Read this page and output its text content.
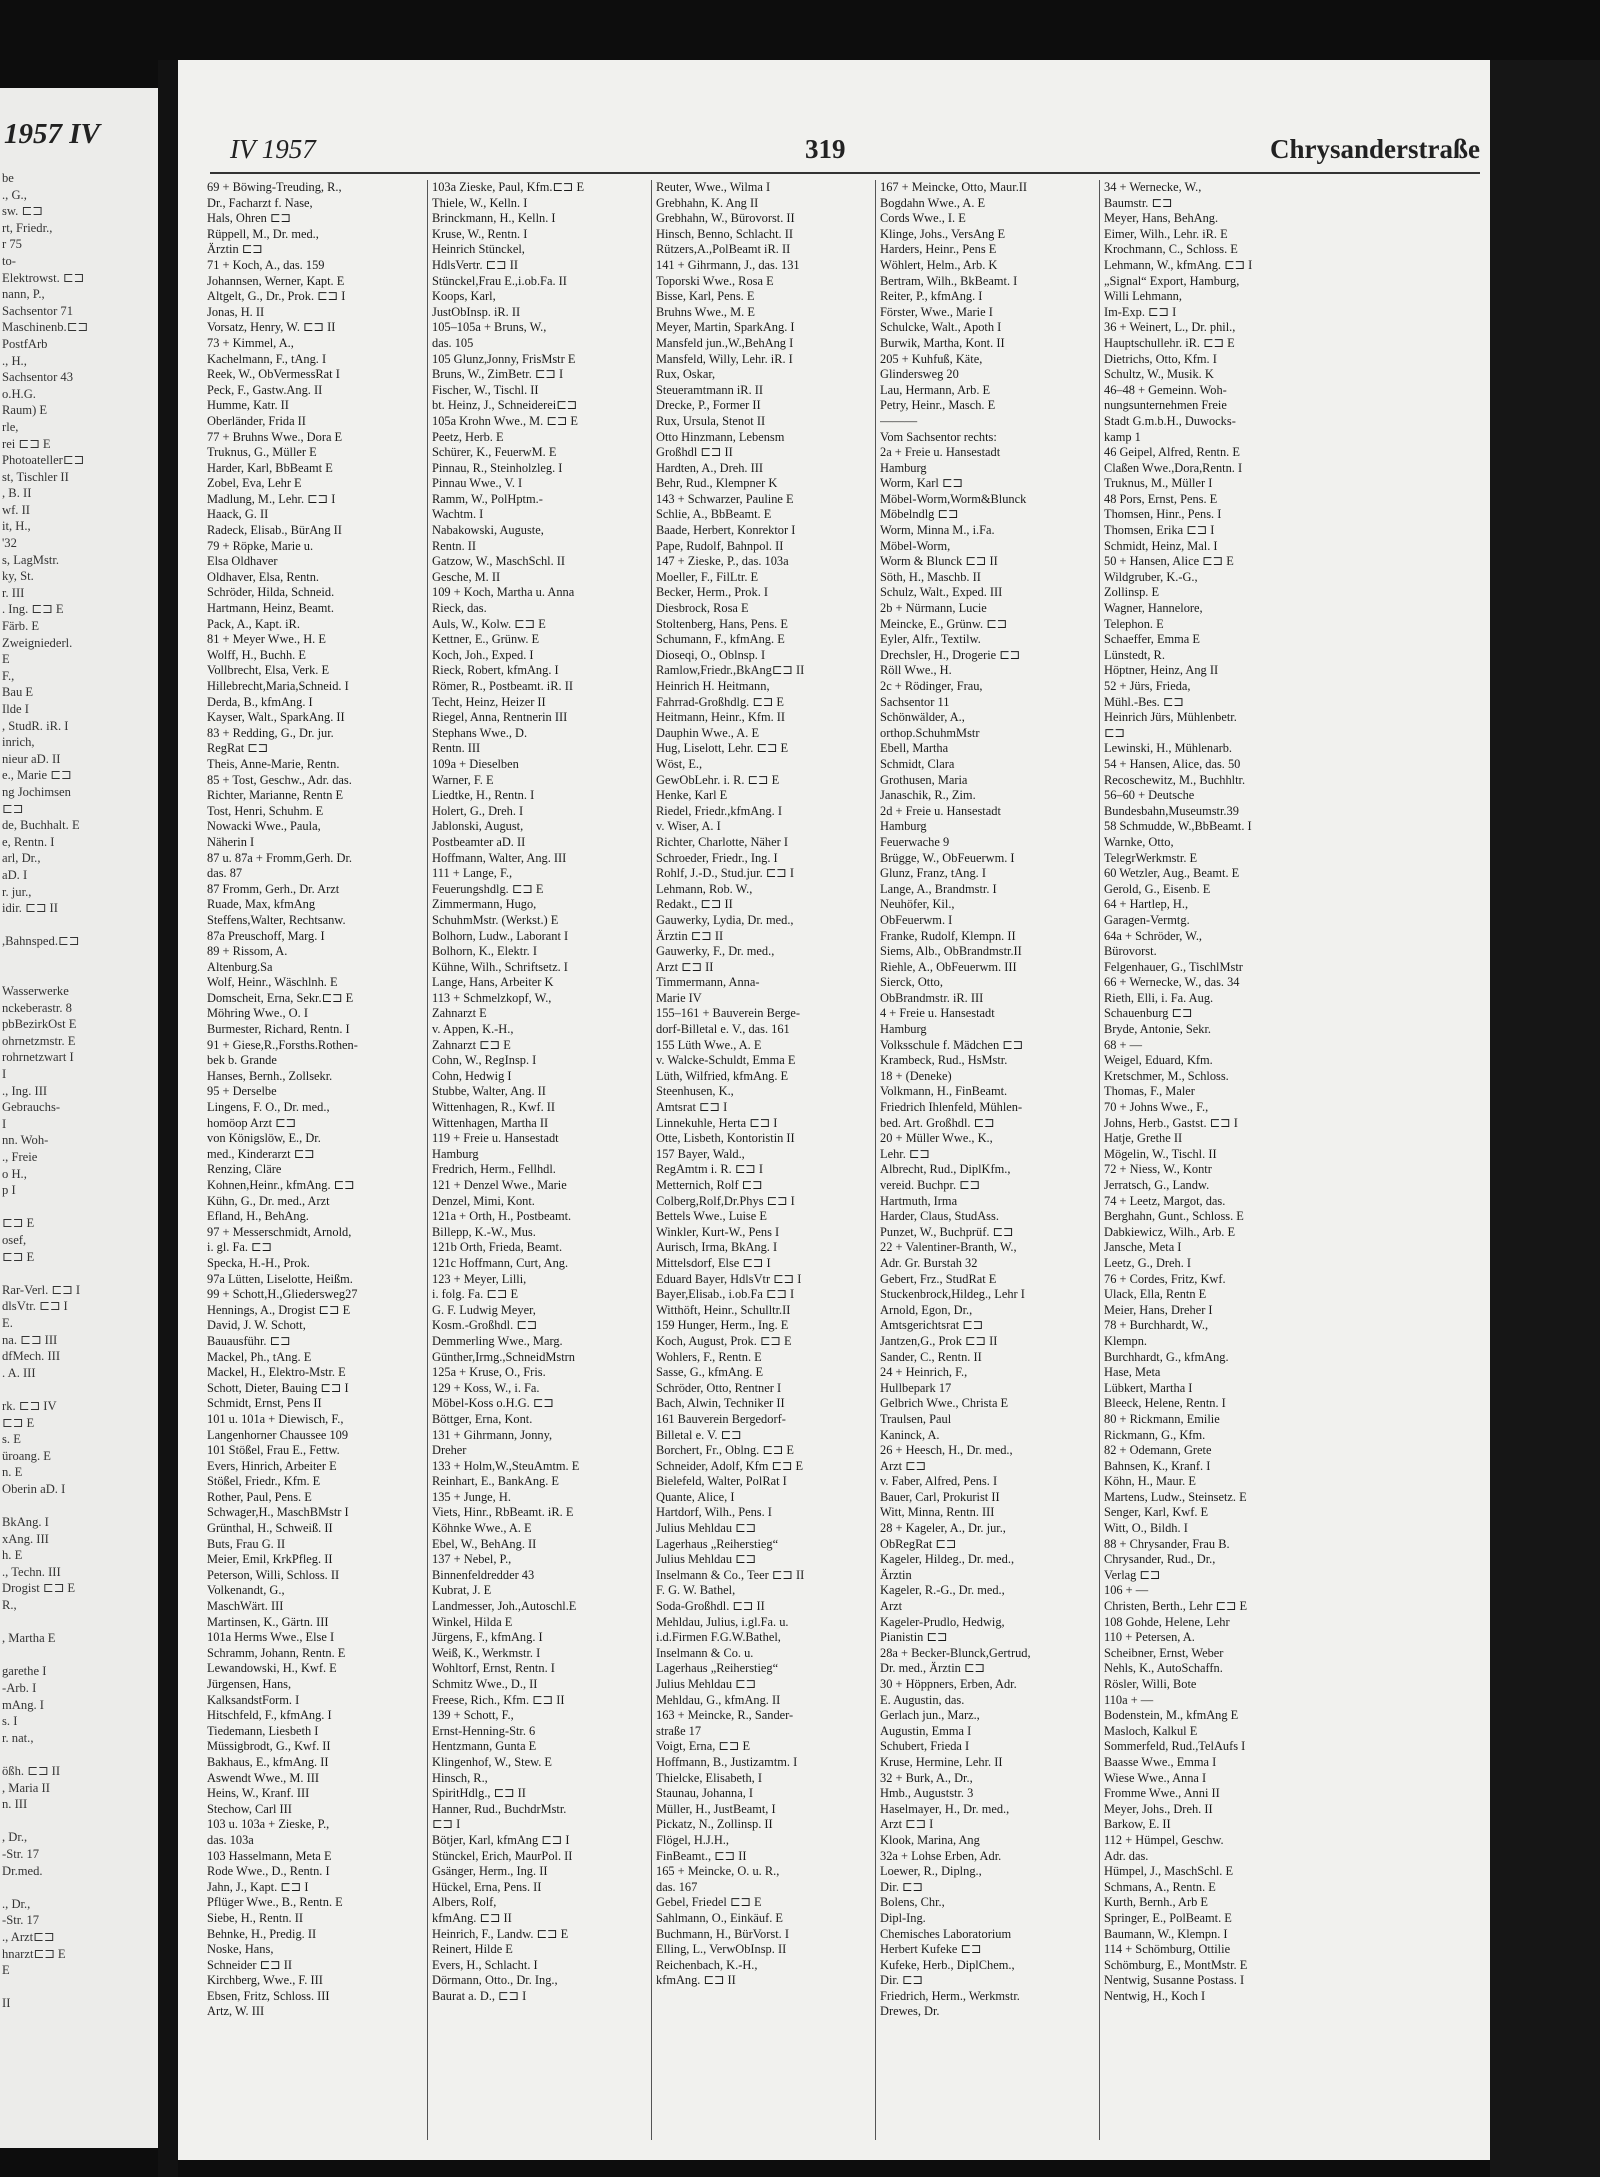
1957 IV
be
., G.,
sw. ⊏⊐
rt, Friedr.,
r 75
to-
Elektrowst. ⊏⊐
nann, P.,
Sachsentor 71
Maschinenb.⊏⊐
PostfArb
., H.,
Sachsentor 43
o.H.G.
Raum) E
rle,
rei ⊏⊐ E
Photoateller⊏⊐
st, Tischler II
, B. II
wf. II
it, H.,
'32
s, LagMstr.
ky, St.
r. III
. Ing. ⊏⊐ E
Färb. E
Zweigniederl.
E
F.,
Bau E
Ilde I
, StudR. iR. I
inrich,
nieur aD. II
e., Marie ⊏⊐
ng Jochimsen
⊏⊐
de, Buchhalt. E
e, Rentn. I
arl, Dr.,
aD. I
r. jur.,
idir. ⊏⊐ II

,Bahnsped.⊏⊐

Wasserwerke
nckeberastr. 8
pbBezirkOst E
ohrnetzmstr. E
rohrnetzwart I
I
., Ing. III
Gebrauchs-
I
nn. Woh-
., Freie
o H.,
p I

⊏⊐ E
osef,
⊏⊐ E

Rar-Verl. ⊏⊐ I
dlsVtr. ⊏⊐ I
E.
na. ⊏⊐ III
dfMech. III
. A. III

rk. ⊏⊐ IV
⊏⊐ E
s. E
üroang. E
n. E
Oberin aD. I

BkAng. I
xAng. III
h. E
., Techn. III
Drogist ⊏⊐ E
R.,

, Martha E

garethe I
-Arb. I
mAng. I
s. I
r. nat.,

ößh. ⊏⊐ II
, Maria II
n. III

, Dr.,
-Str. 17
Dr.med.

., Dr.,
-Str. 17
., Arzt⊏⊐
hnarzt⊏⊐ E
E

II
IV 1957	319	Chrysanderstraße
69 + Böwing-Treuding, R.,
Dr., Facharzt f. Nase,
Hals, Ohren ⊏⊐
Rüppell, M., Dr. med.,
Ärztin ⊏⊐
71 + Koch, A., das. 159
Johannsen, Werner, Kapt. E
Altgelt, G., Dr., Prok. ⊏⊐ I
Jonas, H. II
Vorsatz, Henry, W. ⊏⊐ II
73 + Kimmel, A.,
Kachelmann, F., tAng. I
Reek, W., ObVermessRat I
Peck, F., Gastw.Ang. II
Humme, Katr. II
Oberländer, Frida II
77 + Bruhns Wwe., Dora E
Truknus, G., Müller E
Harder, Karl, BbBeamt E
Zobel, Eva, Lehr E
Madlung, M., Lehr. ⊏⊐ I
Haack, G. II
Radeck, Elisab., BürAng II
79 + Röpke, Marie u.
Elsa Oldhaver
Oldhaver, Elsa, Rentn.
Schröder, Hilda, Schneid.
Hartmann, Heinz, Beamt.
Pack, A., Kapt. iR.
81 + Meyer Wwe., H. E
Wolff, H., Buchh. E
Vollbrecht, Elsa, Verk. E
Hillebrecht,Maria,Schneid. I
Derda, B., kfmAng. I
Kayser, Walt., SparkAng. II
83 + Redding, G., Dr. jur.
RegRat ⊏⊐
Theis, Anne-Marie, Rentn.
85 + Tost, Geschw., Adr. das.
Richter, Marianne, Rentn E
Tost, Henri, Schuhm. E
Nowacki Wwe., Paula,
Näherin I
87 u. 87a + Fromm,Gerh. Dr.
das. 87
87 Fromm, Gerh., Dr. Arzt
Ruade, Max, kfmAng
Steffens,Walter, Rechtsanw.
87a Preuschoff, Marg. I
89 + Rissom, A.
Altenburg.Sa
Wolf, Heinr., Wäschlnh. E
Domscheit, Erna, Sekr.⊏⊐ E
Möhring Wwe., O. I
Burmester, Richard, Rentn. I
91 + Giese,R.,Forsths.Rothen-
bek b. Grande
Hanses, Bernh., Zollsekr.
95 + Derselbe
Lingens, F. O., Dr. med.,
homöop Arzt ⊏⊐
von Königslöw, E., Dr.
med., Kinderarzt ⊏⊐
Renzing, Cläre
Kohnen,Heinr., kfmAng. ⊏⊐
Kühn, G., Dr. med., Arzt
Efland, H., BehAng.
97 + Messerschmidt, Arnold,
i. gl. Fa. ⊏⊐
Specka, H.-H., Prok.
97a Lütten, Liselotte, Heißm.
99 + Schott,H.,Gliedersweg27
Hennings, A., Drogist ⊏⊐ E
David, J. W. Schott,
Bauausführ. ⊏⊐
Mackel, Ph., tAng. E
Mackel, H., Elektro-Mstr. E
Schott, Dieter, Bauing ⊏⊐ I
Schmidt, Ernst, Pens II
101 u. 101a + Diewisch, F.,
Langenhorner Chaussee 109
101 Stößel, Frau E., Fettw.
Evers, Hinrich, Arbeiter E
Stößel, Friedr., Kfm. E
Rother, Paul, Pens. E
Schwager,H., MaschBMstr I
Grünthal, H., Schweiß. II
Buts, Frau G. II
Meier, Emil, KrkPfleg. II
Peterson, Willi, Schloss. II
Volkenandt, G.,
MaschWärt. III
Martinsen, K., Gärtn. III
101a Herms Wwe., Else I
Schramm, Johann, Rentn. E
Lewandowski, H., Kwf. E
Jürgensen, Hans,
KalksandstForm. I
Hitschfeld, F., kfmAng. I
Tiedemann, Liesbeth I
Müssigbrodt, G., Kwf. II
Bakhaus, E., kfmAng. II
Aswendt Wwe., M. III
Heins, W., Kranf. III
Stechow, Carl III
103 u. 103a + Zieske, P.,
das. 103a
103 Hasselmann, Meta E
Rode Wwe., D., Rentn. I
Jahn, J., Kapt. ⊏⊐ I
Pflüger Wwe., B., Rentn. E
Siebe, H., Rentn. II
Behnke, H., Predig. II
Noske, Hans,
Schneider ⊏⊐ II
Kirchberg, Wwe., F. III
Ebsen, Fritz, Schloss. III
Artz, W. III
103a Zieske, Paul, Kfm.⊏⊐ E
Thiele, W., Kelln. I
Brinckmann, H., Kelln. I
Kruse, W., Rentn. I
Heinrich Stünckel,
HdlsVertr. ⊏⊐ II
Stünckel,Frau E.,i.ob.Fa. II
Koops, Karl,
JustObInsp. iR. II
105–105a + Bruns, W.,
das. 105
105 Glunz,Jonny, FrisMstr E
Bruns, W., ZimBetr. ⊏⊐ I
Fischer, W., Tischl. II
bt. Heinz, J., Schneiderei⊏⊐
105a Krohn Wwe., M. ⊏⊐ E
Peetz, Herb. E
Schürer, K., FeuerwM. E
Pinnau, R., Steinholzleg. I
Pinnau Wwe., V. I
Ramm, W., PolHptm.-
Wachtm. I
Nabakowski, Auguste,
Rentn. II
Gatzow, W., MaschSchl. II
Gesche, M. II
109 + Koch, Martha u. Anna
Rieck, das.
Auls, W., Kolw. ⊏⊐ E
Kettner, E., Grünw. E
Koch, Joh., Exped. I
Rieck, Robert, kfmAng. I
Römer, R., Postbeamt. iR. II
Techt, Heinz, Heizer II
Riegel, Anna, Rentnerin III
Stephans Wwe., D.
Rentn. III
109a + Dieselben
Warner, F. E
Liedtke, H., Rentn. I
Holert, G., Dreh. I
Jablonski, August,
Postbeamter aD. II
Hoffmann, Walter, Ang. III
111 + Lange, F.,
Feuerungshdlg. ⊏⊐ E
Zimmermann, Hugo,
SchuhmMstr. (Werkst.) E
Bolhorn, Ludw., Laborant I
Bolhorn, K., Elektr. I
Kühne, Wilh., Schriftsetz. I
Lange, Hans, Arbeiter K
113 + Schmelzkopf, W.,
Zahnarzt E
v. Appen, K.-H.,
Zahnarzt ⊏⊐ E
Cohn, W., RegInsp. I
Cohn, Hedwig I
Stubbe, Walter, Ang. II
Wittenhagen, R., Kwf. II
Wittenhagen, Martha II
119 + Freie u. Hansestadt
Hamburg
Fredrich, Herm., Fellhdl.
121 + Denzel Wwe., Marie
Denzel, Mimi, Kont.
121a + Orth, H., Postbeamt.
Billepp, K.-W., Mus.
121b Orth, Frieda, Beamt.
121c Hoffmann, Curt, Ang.
123 + Meyer, Lilli,
i. folg. Fa. ⊏⊐ E
G. F. Ludwig Meyer,
Kosm.-Großhdl. ⊏⊐
Demmerling Wwe., Marg.
Günther,Irmg.,SchneidMstrn
125a + Kruse, O., Fris.
129 + Koss, W., i. Fa.
Möbel-Koss o.H.G. ⊏⊐
Böttger, Erna, Kont.
131 + Gihrmann, Jonny,
Dreher
133 + Holm,W.,SteuAmtm. E
Reinhart, E., BankAng. E
135 + Junge, H.
Viets, Hinr., RbBeamt. iR. E
Köhnke Wwe., A. E
Ebel, W., BehAng. II
137 + Nebel, P.,
Binnenfeldredder 43
Kubrat, J. E
Landmesser, Joh.,Autoschl.E
Winkel, Hilda E
Jürgens, F., kfmAng. I
Weiß, K., Werkmstr. I
Wohltorf, Ernst, Rentn. I
Schmitz Wwe., D., II
Freese, Rich., Kfm. ⊏⊐ II
139 + Schott, F.,
Ernst-Henning-Str. 6
Hentzmann, Gunta E
Klingenhof, W., Stew. E
Hinsch, R.,
SpiritHdlg., ⊏⊐ II
Hanner, Rud., BuchdrMstr.
⊏⊐ I
Bötjer, Karl, kfmAng ⊏⊐ I
Stünckel, Erich, MaurPol. II
Gsänger, Herm., Ing. II
Hückel, Erna, Pens. II
Albers, Rolf,
kfmAng. ⊏⊐ II
Heinrich, F., Landw. ⊏⊐ E
Reinert, Hilde E
Evers, H., Schlacht. I
Dörmann, Otto., Dr. Ing.,
Baurat a. D., ⊏⊐ I
Reuter, Wwe., Wilma I
Grebhahn, K. Ang II
Grebhahn, W., Bürovorst. II
Hinsch, Benno, Schlacht. II
Rützers,A.,PolBeamt iR. II
141 + Gihrmann, J., das. 131
Toporski Wwe., Rosa E
Bisse, Karl, Pens. E
Bruhns Wwe., M. E
Meyer, Martin, SparkAng. I
Mansfeld jun.,W.,BehAng I
Mansfeld, Willy, Lehr. iR. I
Rux, Oskar,
Steueramtmann iR. II
Drecke, P., Former II
Rux, Ursula, Stenot II
Otto Hinzmann, Lebensm
Großhdl ⊏⊐ II
Hardten, A., Dreh. III
Behr, Rud., Klempner K
143 + Schwarzer, Pauline E
Schlie, A., BbBeamt. E
Baade, Herbert, Konrektor I
Pape, Rudolf, Bahnpol. II
147 + Zieske, P., das. 103a
Moeller, F., FilLtr. E
Becker, Herm., Prok. I
Diesbrock, Rosa E
Stoltenberg, Hans, Pens. E
Schumann, F., kfmAng. E
Dioseqi, O., Oblnsp. I
Ramlow,Friedr.,BkAng⊏⊐ II
Heinrich H. Heitmann,
Fahrrad-Großhdlg. ⊏⊐ E
Heitmann, Heinr., Kfm. II
Dauphin Wwe., A. E
Hug, Liselott, Lehr. ⊏⊐ E
Wöst, E.,
GewObLehr. i. R. ⊏⊐ E
Henke, Karl E
Riedel, Friedr.,kfmAng. I
v. Wiser, A. I
Richter, Charlotte, Näher I
Schroeder, Friedr., Ing. I
Rohlf, J.-D., Stud.jur. ⊏⊐ I
Lehmann, Rob. W.,
Redakt., ⊏⊐ II
Gauwerky, Lydia, Dr. med.,
Ärztin ⊏⊐ II
Gauwerky, F., Dr. med.,
Arzt ⊏⊐ II
Timmermann, Anna-
Marie IV
155–161 + Bauverein Berge-
dorf-Billetal e. V., das. 161
155 Lüth Wwe., A. E
v. Walcke-Schuldt, Emma E
Lüth, Wilfried, kfmAng. E
Steenhusen, K.,
Amtsrat ⊏⊐ I
Linnekuhle, Herta ⊏⊐ I
Otte, Lisbeth, Kontoristin II
157 Bayer, Wald.,
RegAmtm i. R. ⊏⊐ I
Metternich, Rolf ⊏⊐
Colberg,Rolf,Dr.Phys ⊏⊐ I
Bettels Wwe., Luise E
Winkler, Kurt-W., Pens I
Aurisch, Irma, BkAng. I
Mittelsdorf, Else ⊏⊐ I
Eduard Bayer, HdlsVtr ⊏⊐ I
Bayer,Elisab., i.ob.Fa ⊏⊐ I
Witthöft, Heinr., Schulltr.II
159 Hunger, Herm., Ing. E
Koch, August, Prok. ⊏⊐ E
Wohlers, F., Rentn. E
Sasse, G., kfmAng. E
Schröder, Otto, Rentner I
Bach, Alwin, Techniker II
161 Bauverein Bergedorf-
Billetal e. V. ⊏⊐
Borchert, Fr., Oblng. ⊏⊐ E
Schneider, Adolf, Kfm ⊏⊐ E
Bielefeld, Walter, PolRat I
Quante, Alice, I
Hartdorf, Wilh., Pens. I
Julius Mehldau ⊏⊐
Lagerhaus „Reiherstieg“
Julius Mehldau ⊏⊐
Inselmann & Co., Teer ⊏⊐ II
F. G. W. Bathel,
Soda-Großhdl. ⊏⊐ II
Mehldau, Julius, i.gl.Fa. u.
i.d.Firmen F.G.W.Bathel,
Inselmann & Co. u.
Lagerhaus „Reiherstieg“
Julius Mehldau ⊏⊐
Mehldau, G., kfmAng. II
163 + Meincke, R., Sander-
straße 17
Voigt, Erna, ⊏⊐ E
Hoffmann, B., Justizamtm. I
Thielcke, Elisabeth, I
Staunau, Johanna, I
Müller, H., JustBeamt, I
Pickatz, N., Zollinsp. II
Flögel, H.J.H.,
FinBeamt., ⊏⊐ II
165 + Meincke, O. u. R.,
das. 167
Gebel, Friedel ⊏⊐ E
Sahlmann, O., Einkäuf. E
Buchmann, H., BürVorst. I
Elling, L., VerwObInsp. II
Reichenbach, K.-H.,
kfmAng. ⊏⊐ II
167 + Meincke, Otto, Maur.II
Bogdahn Wwe., A. E
Cords Wwe., I. E
Klinge, Johs., VersAng E
Harders, Heinr., Pens E
Wöhlert, Helm., Arb. K
Bertram, Wilh., BkBeamt. I
Reiter, P., kfmAng. I
Förster, Wwe., Marie I
Schulcke, Walt., Apoth I
Burwik, Martha, Kont. II
205 + Kuhfuß, Käte,
Glindersweg 20
Lau, Hermann, Arb. E
Petry, Heinr., Masch. E
———
Vom Sachsentor rechts:
2a + Freie u. Hansestadt
Hamburg
Worm, Karl ⊏⊐
Möbel-Worm,Worm&Blunck
Möbelndlg ⊏⊐
Worm, Minna M., i.Fa.
Möbel-Worm,
Worm & Blunck ⊏⊐ II
Söth, H., Maschb. II
Schulz, Walt., Exped. III
2b + Nürmann, Lucie
Meincke, E., Grünw. ⊏⊐
Eyler, Alfr., Textilw.
Drechsler, H., Drogerie ⊏⊐
Röll Wwe., H.
2c + Rödinger, Frau,
Sachsentor 11
Schönwälder, A.,
orthop.SchuhmMstr
Ebell, Martha
Schmidt, Clara
Grothusen, Maria
Janaschik, R., Zim.
2d + Freie u. Hansestadt
Hamburg
Feuerwache 9
Brügge, W., ObFeuerwm. I
Glunz, Franz, tAng. I
Lange, A., Brandmstr. I
Neuhöfer, Kil.,
ObFeuerwm. I
Franke, Rudolf, Klempn. II
Siems, Alb., ObBrandmstr.II
Riehle, A., ObFeuerwm. III
Sierck, Otto,
ObBrandmstr. iR. III
4 + Freie u. Hansestadt
Hamburg
Volksschule f. Mädchen ⊏⊐
Krambeck, Rud., HsMstr.
18 + (Deneke)
Volkmann, H., FinBeamt.
Friedrich Ihlenfeld, Mühlen-
bed. Art. Großhdl. ⊏⊐
20 + Müller Wwe., K.,
Lehr. ⊏⊐
Albrecht, Rud., DiplKfm.,
vereid. Buchpr. ⊏⊐
Hartmuth, Irma
Harder, Claus, StudAss.
Punzet, W., Buchprüf. ⊏⊐
22 + Valentiner-Branth, W.,
Adr. Gr. Burstah 32
Gebert, Frz., StudRat E
Stuckenbrock,Hildeg., Lehr I
Arnold, Egon, Dr.,
Amtsgerichtsrat ⊏⊐
Jantzen,G., Prok ⊏⊐ II
Sander, C., Rentn. II
24 + Heinrich, F.,
Hullbepark 17
Gelbrich Wwe., Christa E
Traulsen, Paul
Kaninck, A.
26 + Heesch, H., Dr. med.,
Arzt ⊏⊐
v. Faber, Alfred, Pens. I
Bauer, Carl, Prokurist II
Witt, Minna, Rentn. III
28 + Kageler, A., Dr. jur.,
ObRegRat ⊏⊐
Kageler, Hildeg., Dr. med.,
Ärztin
Kageler, R.-G., Dr. med.,
Arzt
Kageler-Prudlo, Hedwig,
Pianistin ⊏⊐
28a + Becker-Blunck,Gertrud,
Dr. med., Ärztin ⊏⊐
30 + Höppners, Erben, Adr.
E. Augustin, das.
Gerlach jun., Marz.,
Augustin, Emma I
Schubert, Frieda I
Kruse, Hermine, Lehr. II
32 + Burk, A., Dr.,
Hmb., Auguststr. 3
Haselmayer, H., Dr. med.,
Arzt ⊏⊐ I
Klook, Marina, Ang
32a + Lohse Erben, Adr.
Loewer, R., Diplng.,
Dir. ⊏⊐
Bolens, Chr.,
Dipl-Ing.
Chemisches Laboratorium
Herbert Kufeke ⊏⊐
Kufeke, Herb., DiplChem.,
Dir. ⊏⊐
Friedrich, Herm., Werkmstr.
Drewes, Dr.
34 + Wernecke, W.,
Baumstr. ⊏⊐
Meyer, Hans, BehAng.
Eimer, Wilh., Lehr. iR. E
Krochmann, C., Schloss. E
Lehmann, W., kfmAng. ⊏⊐ I
„Signal“ Export, Hamburg,
Willi Lehmann,
Im-Exp. ⊏⊐ I
36 + Weinert, L., Dr. phil.,
Hauptschullehr. iR. ⊏⊐ E
Dietrichs, Otto, Kfm. I
Schultz, W., Musik. K
46–48 + Gemeinn. Woh-
nungsunternehmen Freie
Stadt G.m.b.H., Duwocks-
kamp 1
46 Geipel, Alfred, Rentn. E
Claßen Wwe.,Dora,Rentn. I
Truknus, M., Müller I
48 Pors, Ernst, Pens. E
Thomsen, Hinr., Pens. I
Thomsen, Erika ⊏⊐ I
Schmidt, Heinz, Mal. I
50 + Hansen, Alice ⊏⊐ E
Wildgruber, K.-G.,
Zollinsp. E
Wagner, Hannelore,
Telephon. E
Schaeffer, Emma E
Lünstedt, R.
Höptner, Heinz, Ang II
52 + Jürs, Frieda,
Mühl.-Bes. ⊏⊐
Heinrich Jürs, Mühlenbetr.
⊏⊐
Lewinski, H., Mühlenarb.
54 + Hansen, Alice, das. 50
Recoschewitz, M., Buchhltr.
56–60 + Deutsche
Bundesbahn,Museumstr.39
58 Schmudde, W.,BbBeamt. I
Warnke, Otto,
TelegrWerkmstr. E
60 Wetzler, Aug., Beamt. E
Gerold, G., Eisenb. E
64 + Hartlep, H.,
Garagen-Vermtg.
64a + Schröder, W.,
Bürovorst.
Felgenhauer, G., TischlMstr
66 + Wernecke, W., das. 34
Rieth, Elli, i. Fa. Aug.
Schauenburg ⊏⊐
Bryde, Antonie, Sekr.
68 + —
Weigel, Eduard, Kfm.
Kretschmer, M., Schloss.
Thomas, F., Maler
70 + Johns Wwe., F.,
Johns, Herb., Gastst. ⊏⊐ I
Hatje, Grethe II
Mögelin, W., Tischl. II
72 + Niess, W., Kontr
Jerratsch, G., Landw.
74 + Leetz, Margot, das.
Berghahn, Gunt., Schloss. E
Dabkiewicz, Wilh., Arb. E
Jansche, Meta I
Leetz, G., Dreh. I
76 + Cordes, Fritz, Kwf.
Ulack, Ella, Rentn E
Meier, Hans, Dreher I
78 + Burchhardt, W.,
Klempn.
Burchhardt, G., kfmAng.
Hase, Meta
Lübkert, Martha I
Bleeck, Helene, Rentn. I
80 + Rickmann, Emilie
Rickmann, G., Kfm.
82 + Odemann, Grete
Bahnsen, K., Kranf. I
Köhn, H., Maur. E
Martens, Ludw., Steinsetz. E
Senger, Karl, Kwf. E
Witt, O., Bildh. I
88 + Chrysander, Frau B.
Chrysander, Rud., Dr.,
Verlag ⊏⊐
106 + —
Christen, Berth., Lehr ⊏⊐ E
108 Gohde, Helene, Lehr
110 + Petersen, A.
Scheibner, Ernst, Weber
Nehls, K., AutoSchaffn.
Rösler, Willi, Bote
110a + —
Bodenstein, M., kfmAng E
Masloch, Kalkul E
Sommerfeld, Rud.,TelAufs I
Baasse Wwe., Emma I
Wiese Wwe., Anna I
Fromme Wwe., Anni II
Meyer, Johs., Dreh. II
Barkow, E. II
112 + Hümpel, Geschw.
Adr. das.
Hümpel, J., MaschSchl. E
Schmans, A., Rentn. E
Kurth, Bernh., Arb E
Springer, E., PolBeamt. E
Baumann, W., Klempn. I
114 + Schömburg, Ottilie
Schömburg, E., MontMstr. E
Nentwig, Susanne Postass. I
Nentwig, H., Koch I
